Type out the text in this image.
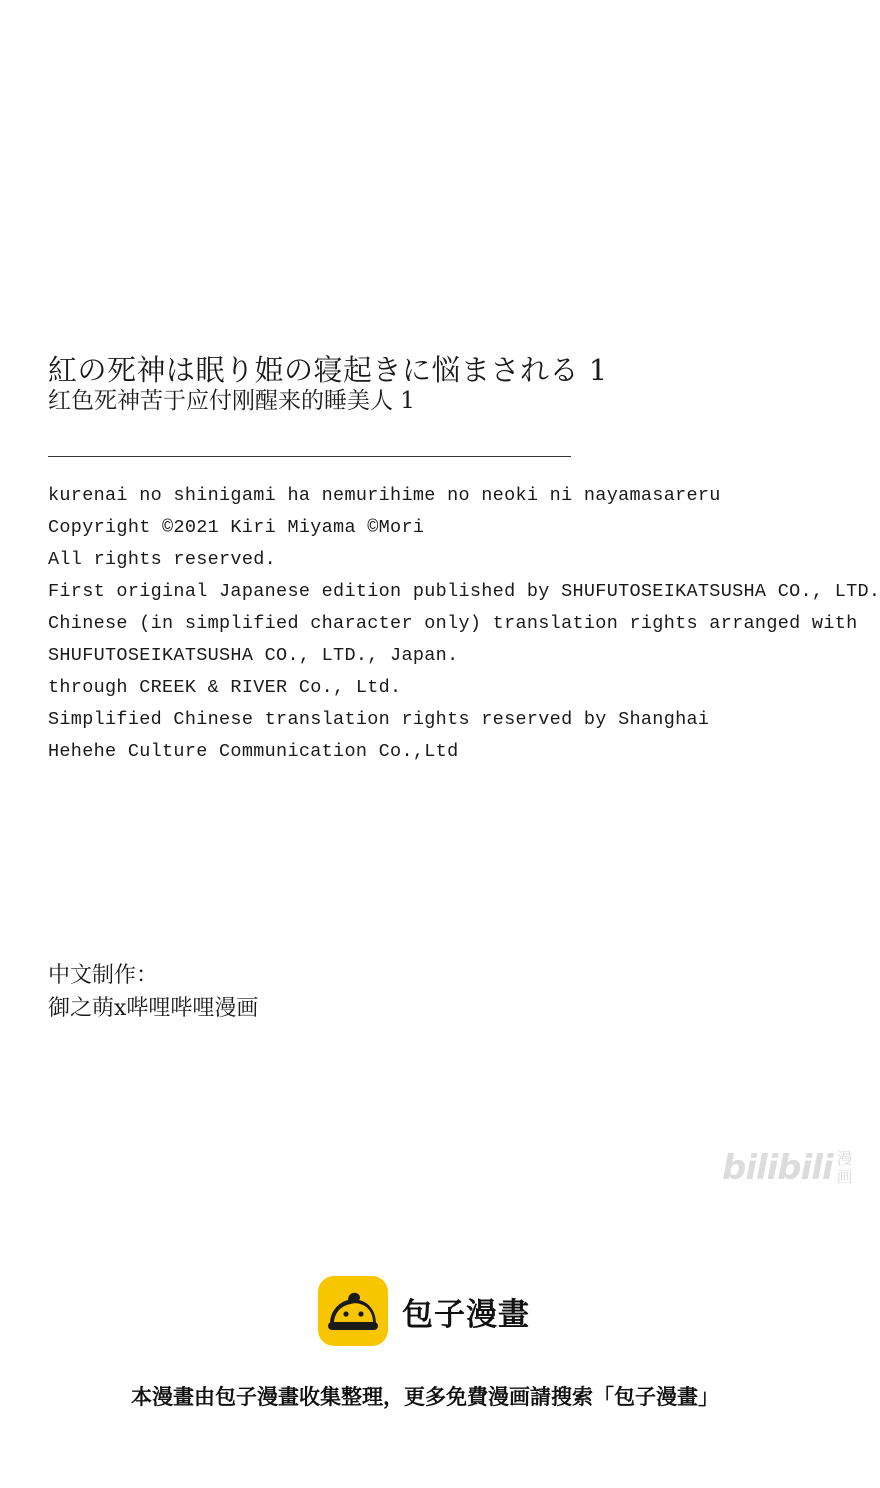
紅の死神は眠り姫の寝起きに悩まされる 1
红色死神苦于应付刚醒来的睡美人 1
kurenai no shinigami ha nemurihime no neoki ni nayamasareru
Copyright ©2021 Kiri Miyama ©Mori
All rights reserved.
First original Japanese edition published by SHUFUTOSEIKATSUSHA CO., LTD.
Chinese (in simplified character only) translation rights arranged with
SHUFUTOSEIKATSUSHA CO., LTD., Japan.
through CREEK & RIVER Co., Ltd.
Simplified Chinese translation rights reserved by Shanghai
Hehehe Culture Communication Co.,Ltd
中文制作：
御之萌x哔哩哔哩漫画
bilibili 漫
画
包子漫畫
本漫畫由包子漫畫收集整理，更多免費漫画請搜索「包子漫畫」
